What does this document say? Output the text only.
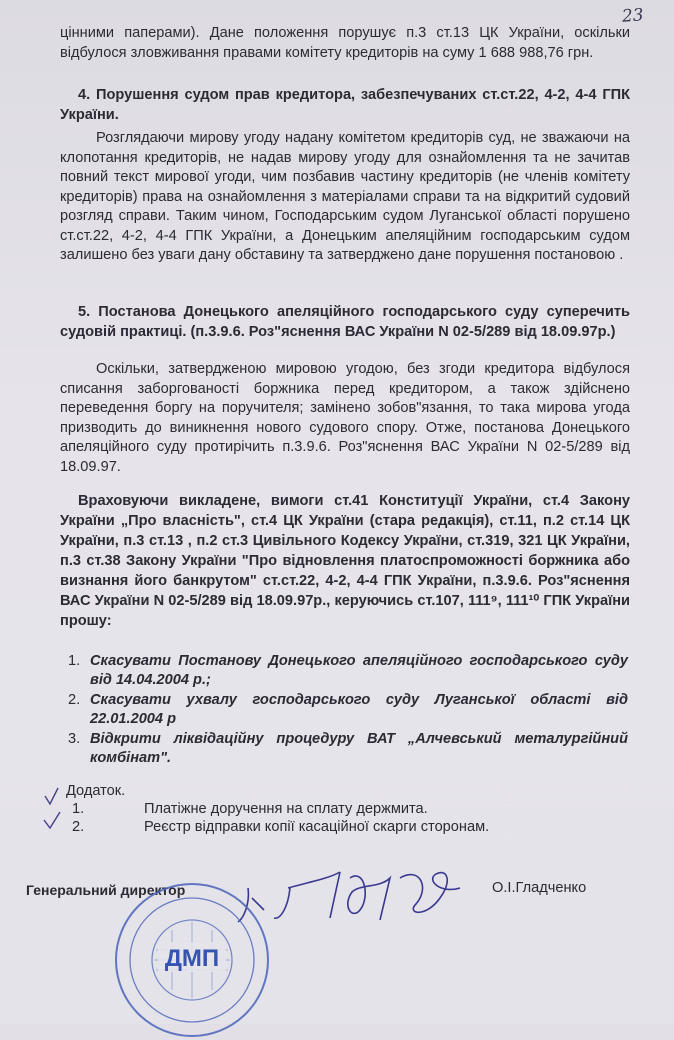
23
цінними паперами). Дане положення порушує п.3 ст.13 ЦК України, оскільки відбулося зловживання правами комітету кредиторів на суму 1 688 988,76 грн.
4. Порушення судом прав кредитора, забезпечуваних ст.ст.22, 4-2, 4-4 ГПК України.
Розглядаючи мирову угоду надану комітетом кредиторів суд, не зважаючи на клопотання кредиторів, не надав мирову угоду для ознайомлення та не зачитав повний текст мирової угоди, чим позбавив частину кредиторів (не членів комітету кредиторів) права на ознайомлення з матеріалами справи та на відкритий судовий розгляд справи. Таким чином, Господарським судом Луганської області порушено ст.ст.22, 4-2, 4-4 ГПК України, а Донецьким апеляційним господарським судом залишено без уваги дану обставину та затверджено дане порушення постановою .
5. Постанова Донецького апеляційного господарського суду суперечить судовій практиці. (п.3.9.6. Роз"яснення ВАС України N 02-5/289 від 18.09.97р.)
Оскільки, затвердженою мировою угодою, без згоди кредитора відбулося списання заборгованості боржника перед кредитором, а також здійснено переведення боргу на поручителя; замінено зобов"язання, то така мирова угода призводить до виникнення нового судового спору. Отже, постанова Донецького апеляційного суду протирічить п.3.9.6. Роз"яснення ВАС України N 02-5/289 від 18.09.97.
Враховуючи викладене, вимоги ст.41 Конституції України, ст.4 Закону України „Про власність", ст.4 ЦК України (стара редакція), ст.11, п.2 ст.14 ЦК України, п.3 ст.13 , п.2 ст.3 Цивільного Кодексу України, ст.319, 321 ЦК України, п.3 ст.38 Закону України "Про відновлення платоспроможності боржника або визнання його банкрутом" ст.ст.22, 4-2, 4-4 ГПК України, п.3.9.6. Роз"яснення ВАС України N 02-5/289 від 18.09.97р., керуючись ст.107, 111⁹, 111¹⁰ ГПК України прошу:
1. Скасувати Постанову Донецького апеляційного господарського суду від 14.04.2004 р.;
2. Скасувати ухвалу господарського суду Луганської області від 22.01.2004 р
3. Відкрити ліквідаційну процедуру ВАТ „Алчевський металургійний комбінат".
Додаток.
1.	Платіжне доручення на сплату держмита.
2.	Реєстр відправки копії касаційної скарги сторонам.
Генеральний директор	О.І.Гладченко
ДМП
